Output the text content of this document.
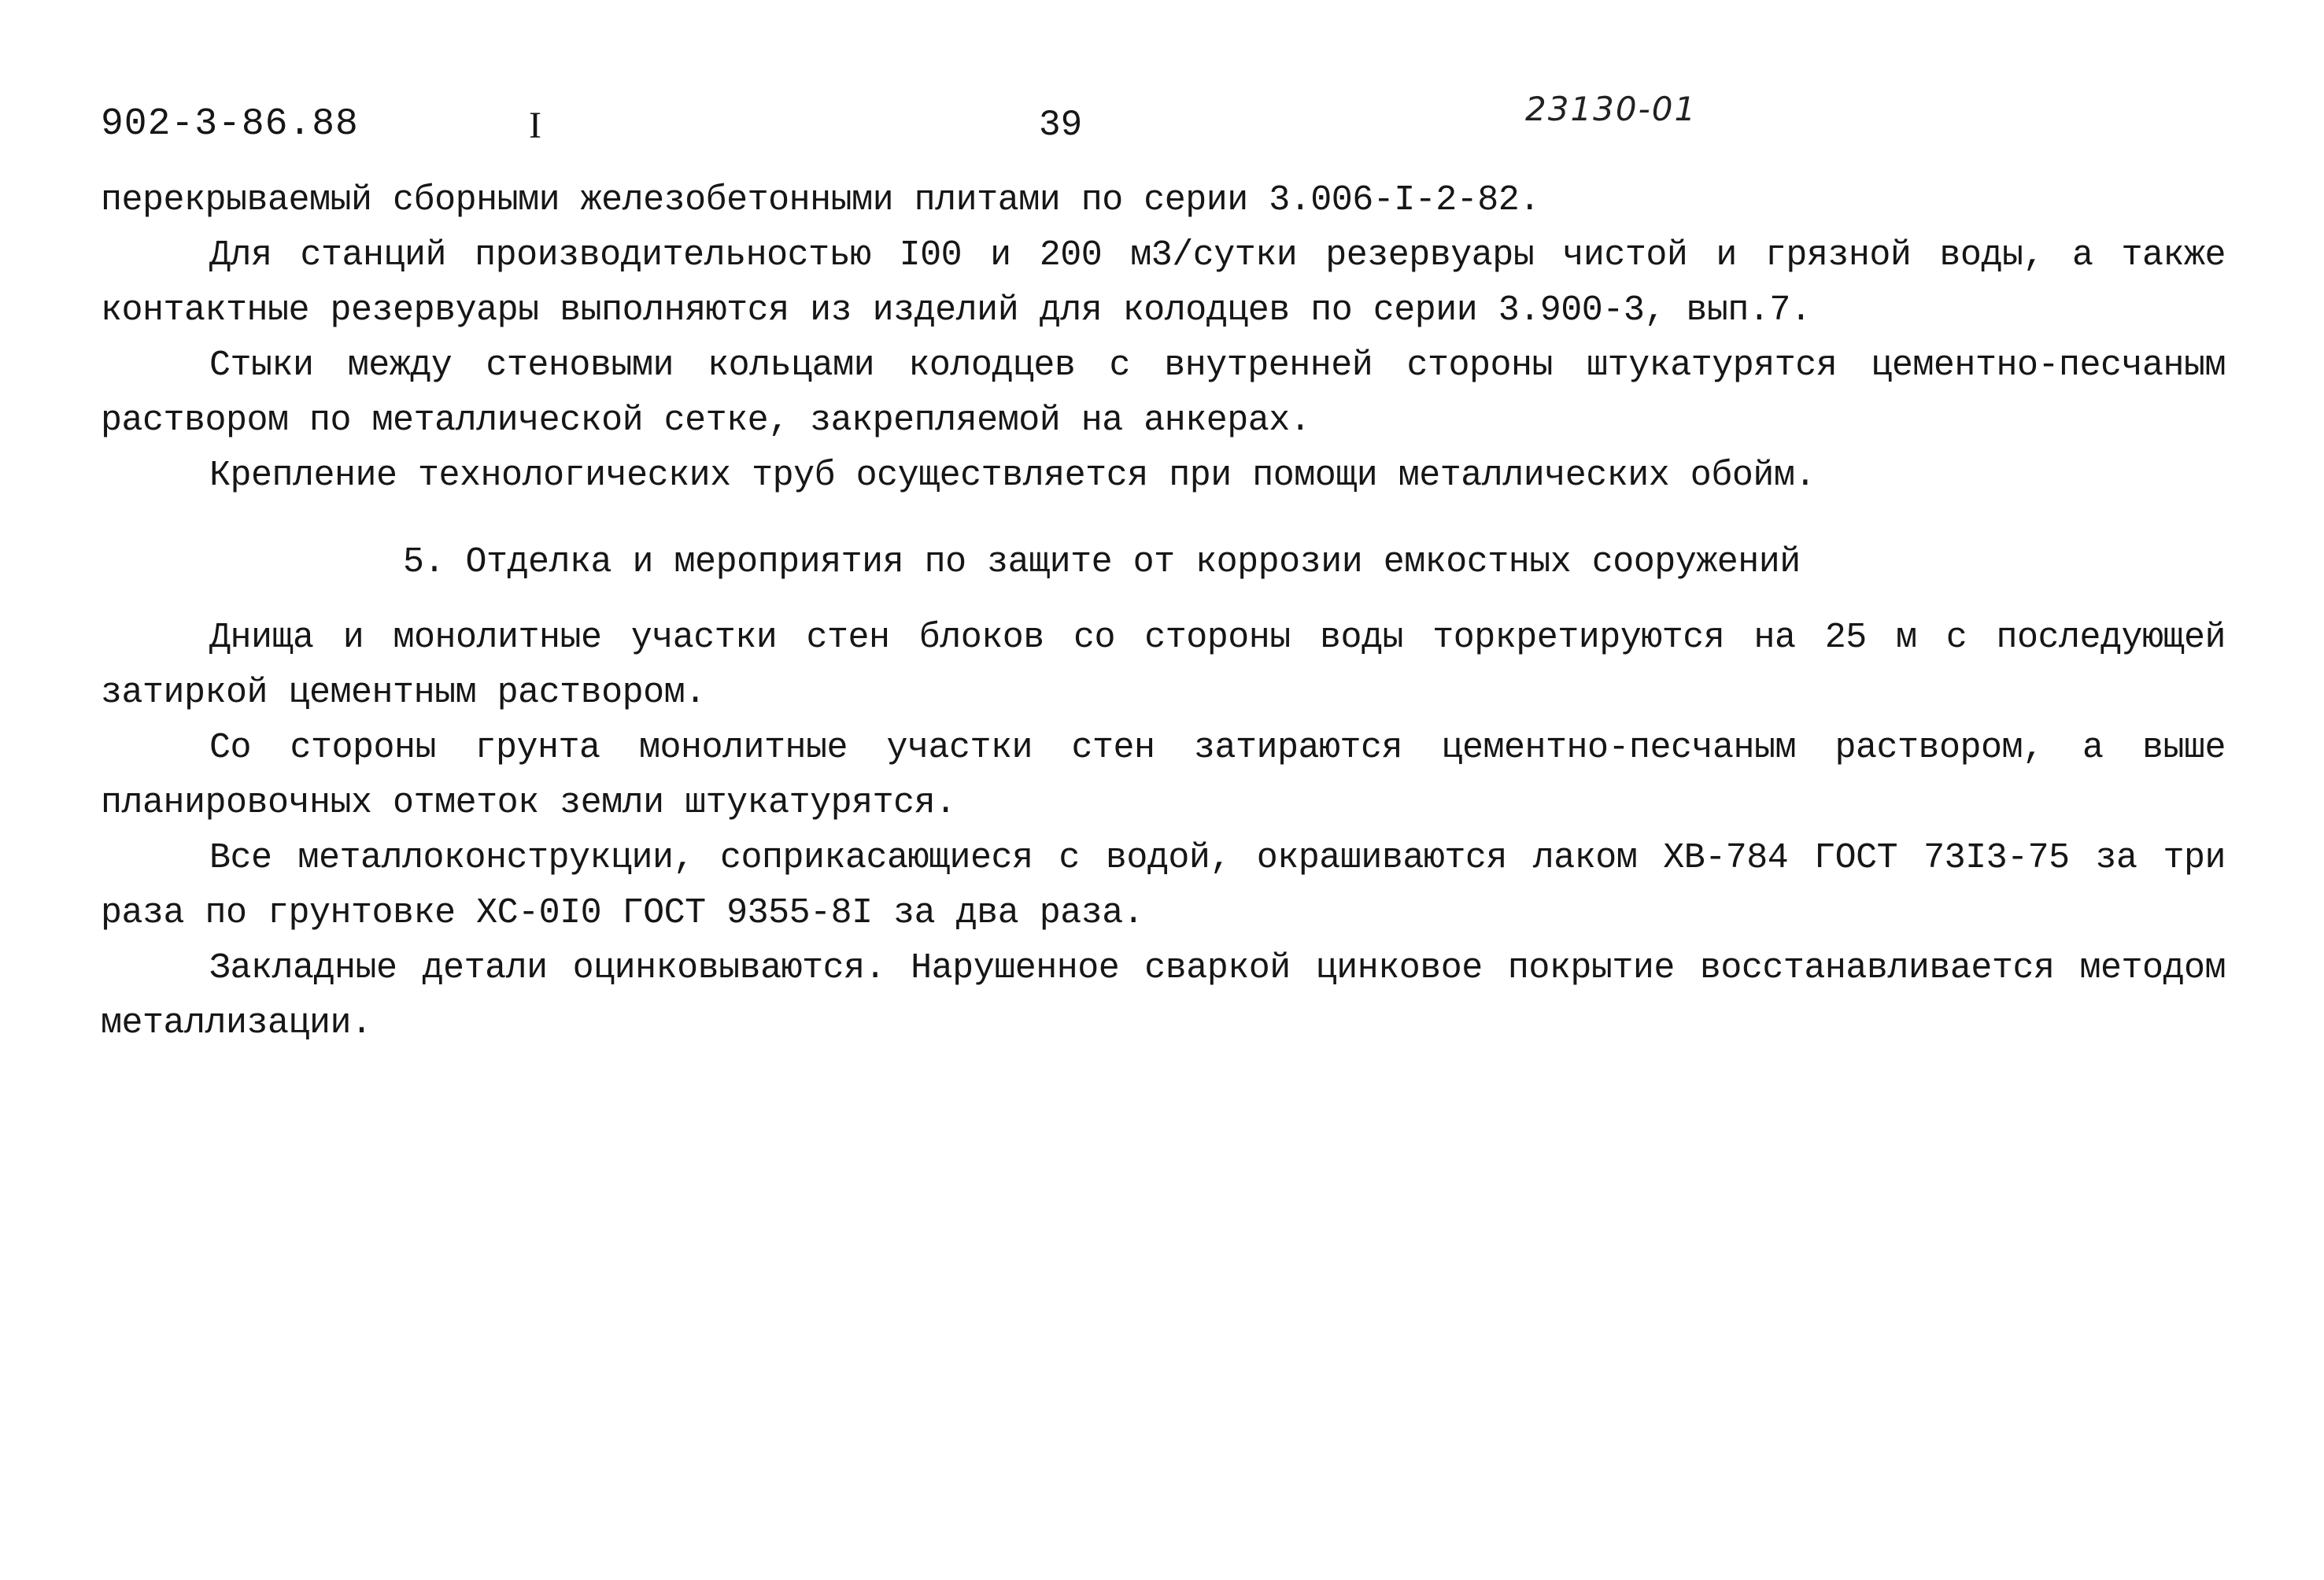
902-3-86.88	I	39	23130-01

перекрываемый сборными железобетонными плитами по серии 3.006-I-2-82.

Для станций производительностью I00 и 200 м3/сутки резервуары чистой и грязной воды, а также контактные резервуары выполняются из изделий для колодцев по серии 3.900-3, вып.7.

Стыки между стеновыми кольцами колодцев с внутренней стороны штукатурятся цементно-песчаным раствором по металлической сетке, закрепляемой на анкерах.

Крепление технологических труб осуществляется при помощи металлических обойм.

5. Отделка и мероприятия по защите от коррозии емкостных сооружений

Днища и монолитные участки стен блоков со стороны воды торкретируются на 25 м с последующей затиркой цементным раствором.

Со стороны грунта монолитные участки стен затираются цементно-песчаным раствором, а выше планировочных отметок земли штукатурятся.

Все металлоконструкции, соприкасающиеся с водой, окрашиваются лаком ХВ-784 ГОСТ 73I3-75 за три раза по грунтовке ХС-0I0 ГОСТ 9355-8I за два раза.

Закладные детали оцинковываются. Нарушенное сваркой цинковое покрытие восстанавливается методом металлизации.
